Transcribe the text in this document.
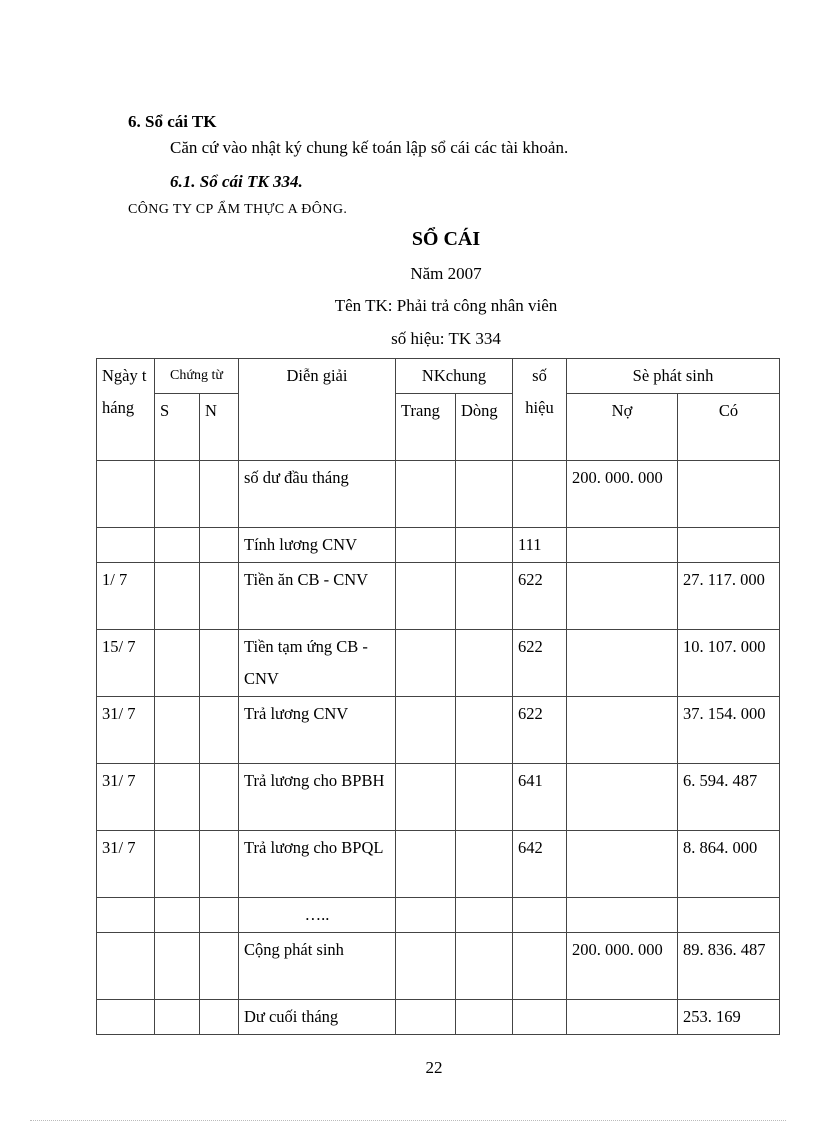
6. Sổ cái TK
Căn cứ vào nhật ký chung kế toán lập sổ cái các tài khoản.
6.1. Sổ cái TK 334.
CÔNG TY CP ẨM THỰC A ĐÔNG.
SỔ CÁI
Năm 2007
Tên TK: Phải trả công nhân viên
số hiệu: TK 334
Ngày tháng	Chứng từ		Diễn giải	NKchung		số hiệu	Sè phát sinh	
	S	N		Trang	Dòng		Nợ	Có
			số dư đầu tháng				200. 000. 000	
			Tính lương CNV			111		
1/ 7			Tiền ăn CB - CNV			622		27. 117. 000
15/ 7			Tiền tạm ứng CB - CNV			622		10. 107. 000
31/ 7			Trả lương CNV			622		37. 154. 000
31/ 7			Trả lương cho BPBH			641		6. 594. 487
31/ 7			Trả lương cho BPQL			642		8. 864. 000
			…..					
			Cộng phát sinh				200. 000. 000	89. 836. 487
			Dư cuối tháng					253. 169
22
